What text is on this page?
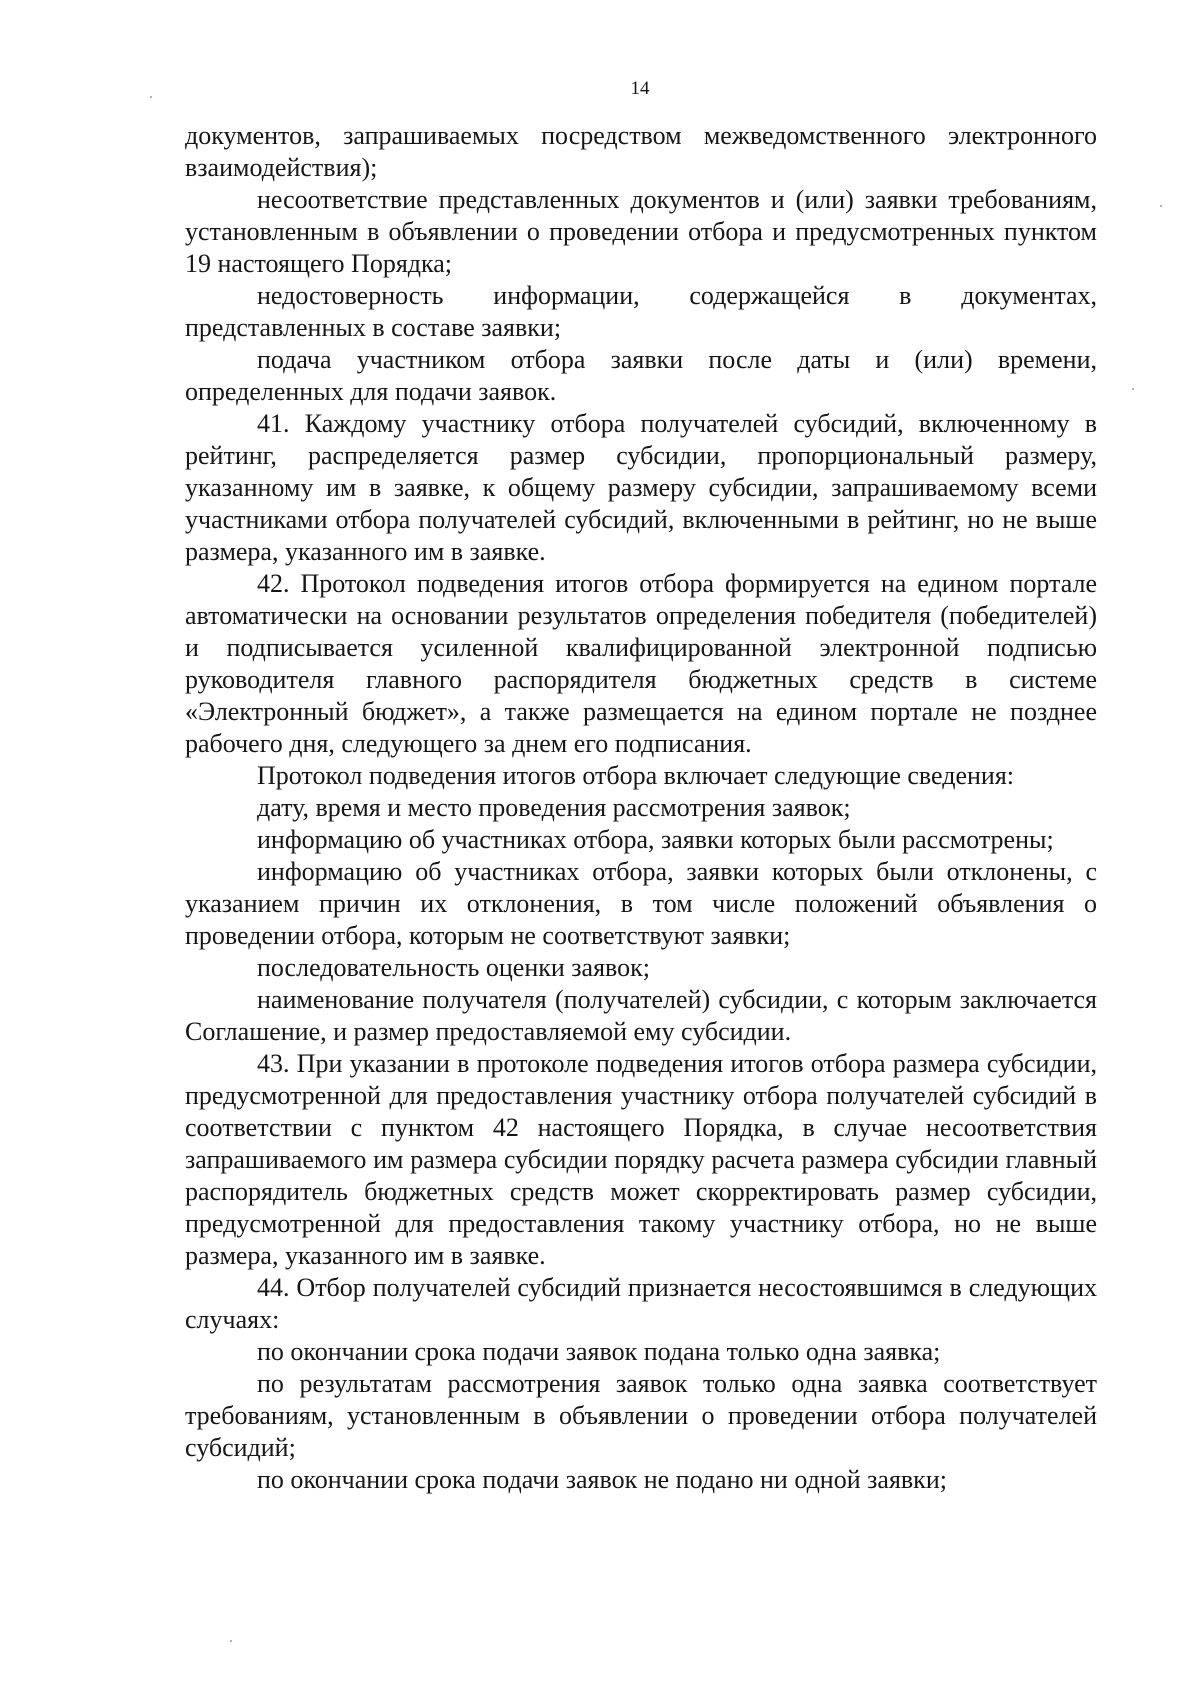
14

документов, запрашиваемых посредством межведомственного электронного взаимодействия);

несоответствие представленных документов и (или) заявки требованиям, установленным в объявлении о проведении отбора и предусмотренных пунктом 19 настоящего Порядка;

недостоверность информации, содержащейся в документах, представленных в составе заявки;

подача участником отбора заявки после даты и (или) времени, определенных для подачи заявок.

41. Каждому участнику отбора получателей субсидий, включенному в рейтинг, распределяется размер субсидии, пропорциональный размеру, указанному им в заявке, к общему размеру субсидии, запрашиваемому всеми участниками отбора получателей субсидий, включенными в рейтинг, но не выше размера, указанного им в заявке.

42. Протокол подведения итогов отбора формируется на едином портале автоматически на основании результатов определения победителя (победителей) и подписывается усиленной квалифицированной электронной подписью руководителя главного распорядителя бюджетных средств в системе «Электронный бюджет», а также размещается на едином портале не позднее рабочего дня, следующего за днем его подписания.

Протокол подведения итогов отбора включает следующие сведения:

дату, время и место проведения рассмотрения заявок;

информацию об участниках отбора, заявки которых были рассмотрены;

информацию об участниках отбора, заявки которых были отклонены, с указанием причин их отклонения, в том числе положений объявления о проведении отбора, которым не соответствуют заявки;

последовательность оценки заявок;

наименование получателя (получателей) субсидии, с которым заключается Соглашение, и размер предоставляемой ему субсидии.

43. При указании в протоколе подведения итогов отбора размера субсидии, предусмотренной для предоставления участнику отбора получателей субсидий в соответствии с пунктом 42 настоящего Порядка, в случае несоответствия запрашиваемого им размера субсидии порядку расчета размера субсидии главный распорядитель бюджетных средств может скорректировать размер субсидии, предусмотренной для предоставления такому участнику отбора, но не выше размера, указанного им в заявке.

44. Отбор получателей субсидий признается несостоявшимся в следующих случаях:

по окончании срока подачи заявок подана только одна заявка;

по результатам рассмотрения заявок только одна заявка соответствует требованиям, установленным в объявлении о проведении отбора получателей субсидий;

по окончании срока подачи заявок не подано ни одной заявки;
